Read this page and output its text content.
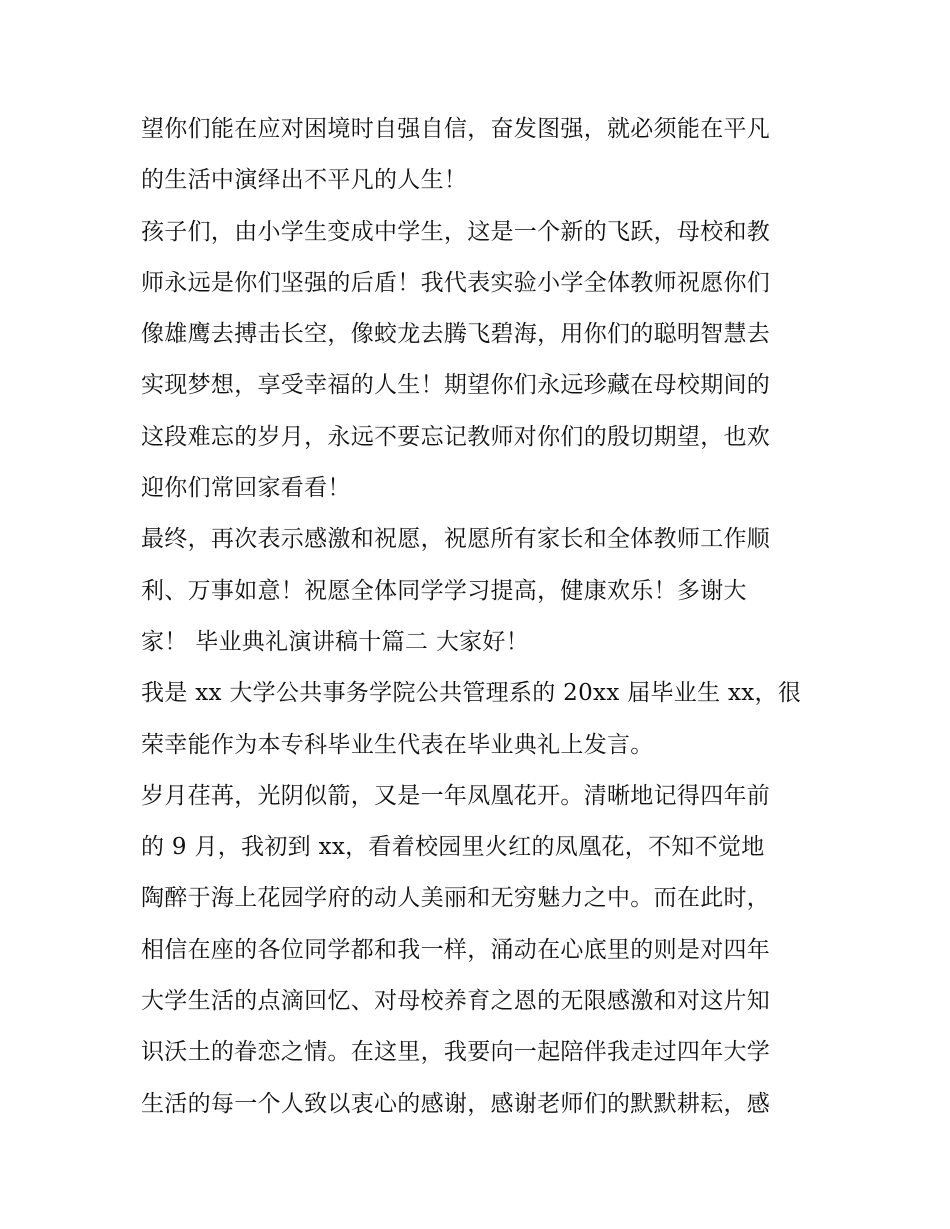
望你们能在应对困境时自强自信，奋发图强，就必须能在平凡
的生活中演绎出不平凡的人生！
孩子们，由小学生变成中学生，这是一个新的飞跃，母校和教
师永远是你们坚强的后盾！我代表实验小学全体教师祝愿你们
像雄鹰去搏击长空，像蛟龙去腾飞碧海，用你们的聪明智慧去
实现梦想，享受幸福的人生！期望你们永远珍藏在母校期间的
这段难忘的岁月，永远不要忘记教师对你们的殷切期望，也欢
迎你们常回家看看！
最终，再次表示感激和祝愿，祝愿所有家长和全体教师工作顺
利、万事如意！祝愿全体同学学习提高，健康欢乐！多谢大
家！ 毕业典礼演讲稿十篇二 大家好！
我是 xx 大学公共事务学院公共管理系的 20xx 届毕业生 xx，很
荣幸能作为本专科毕业生代表在毕业典礼上发言。
岁月荏苒，光阴似箭，又是一年凤凰花开。清晰地记得四年前
的 9 月，我初到 xx，看着校园里火红的凤凰花，不知不觉地
陶醉于海上花园学府的动人美丽和无穷魅力之中。而在此时，
相信在座的各位同学都和我一样，涌动在心底里的则是对四年
大学生活的点滴回忆、对母校养育之恩的无限感激和对这片知
识沃土的眷恋之情。在这里，我要向一起陪伴我走过四年大学
生活的每一个人致以衷心的感谢，感谢老师们的默默耕耘，感
